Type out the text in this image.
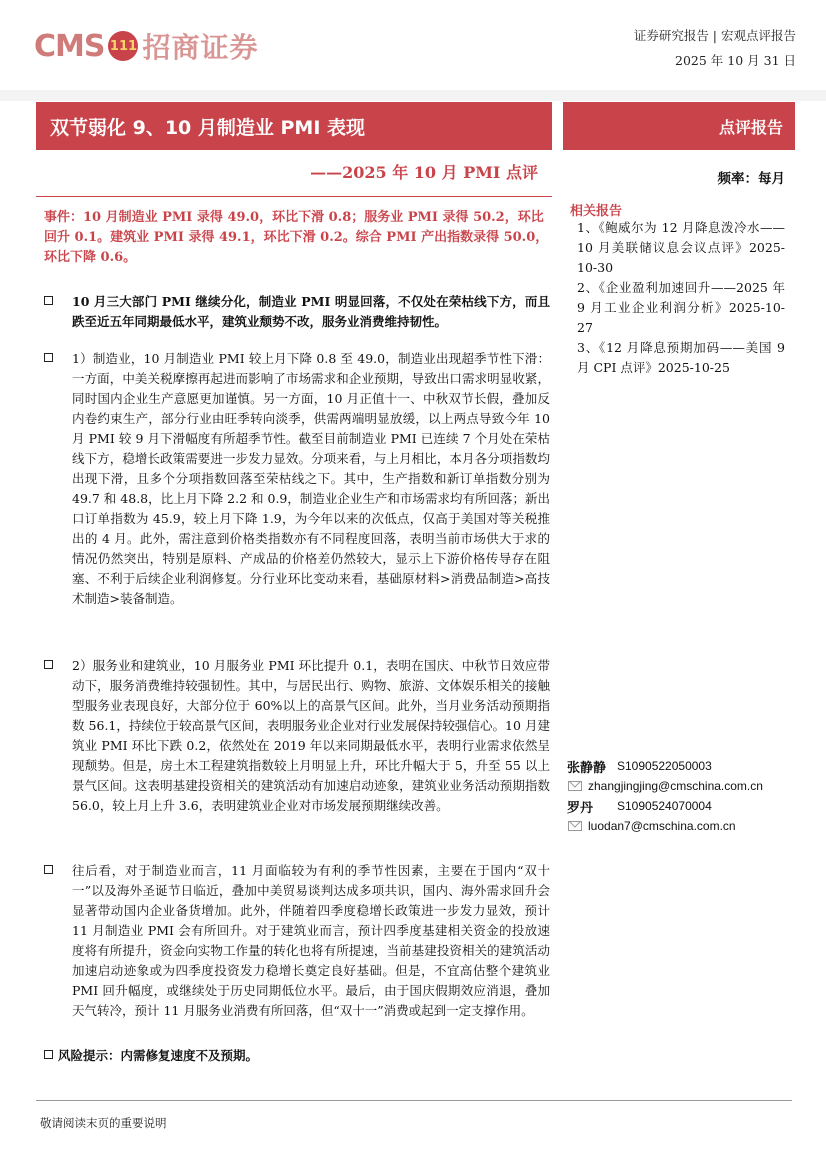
CMS 111 招商证券	证券研究报告 | 宏观点评报告
2025 年 10 月 31 日
双节弱化 9、10 月制造业 PMI 表现
——2025 年 10 月 PMI 点评
点评报告
频率：每月
事件：10 月制造业 PMI 录得 49.0，环比下滑 0.8；服务业 PMI 录得 50.2，环比回升 0.1。建筑业 PMI 录得 49.1，环比下滑 0.2。综合 PMI 产出指数录得 50.0，环比下降 0.6。
10 月三大部门 PMI 继续分化，制造业 PMI 明显回落，不仅处在荣枯线下方，而且跌至近五年同期最低水平，建筑业颓势不改，服务业消费维持韧性。
1）制造业，10 月制造业 PMI 较上月下降 0.8 至 49.0，制造业出现超季节性下滑：一方面，中美关税摩擦再起进而影响了市场需求和企业预期，导致出口需求明显收紧，同时国内企业生产意愿更加谨慎。另一方面，10 月正值十一、中秋双节长假，叠加反内卷约束生产，部分行业由旺季转向淡季，供需两端明显放缓，以上两点导致今年 10 月 PMI 较 9 月下滑幅度有所超季节性。截至目前制造业 PMI 已连续 7 个月处在荣枯线下方，稳增长政策需要进一步发力显效。分项来看，与上月相比，本月各分项指数均出现下滑，且多个分项指数回落至荣枯线之下。其中，生产指数和新订单指数分别为 49.7 和 48.8，比上月下降 2.2 和 0.9，制造业企业生产和市场需求均有所回落；新出口订单指数为 45.9，较上月下降 1.9，为今年以来的次低点，仅高于美国对等关税推出的 4 月。此外，需注意到价格类指数亦有不同程度回落，表明当前市场供大于求的情况仍然突出，特别是原料、产成品的价格差仍然较大，显示上下游价格传导存在阻塞、不利于后续企业利润修复。分行业环比变动来看，基础原材料>消费品制造>高技术制造>装备制造。
2）服务业和建筑业，10 月服务业 PMI 环比提升 0.1，表明在国庆、中秋节日效应带动下，服务消费维持较强韧性。其中，与居民出行、购物、旅游、文体娱乐相关的接触型服务业表现良好，大部分位于 60%以上的高景气区间。此外，当月业务活动预期指数 56.1，持续位于较高景气区间，表明服务业企业对行业发展保持较强信心。10 月建筑业 PMI 环比下跌 0.2，依然处在 2019 年以来同期最低水平，表明行业需求依然呈现颓势。但是，房土木工程建筑指数较上月明显上升，环比升幅大于 5，升至 55 以上景气区间。这表明基建投资相关的建筑活动有加速启动迹象，建筑业业务活动预期指数 56.0，较上月上升 3.6，表明建筑业企业对市场发展预期继续改善。
往后看，对于制造业而言，11 月面临较为有利的季节性因素，主要在于国内“双十一”以及海外圣诞节日临近，叠加中美贸易谈判达成多项共识，国内、海外需求回升会显著带动国内企业备货增加。此外，伴随着四季度稳增长政策进一步发力显效，预计 11 月制造业 PMI 会有所回升。对于建筑业而言，预计四季度基建相关资金的投放速度将有所提升，资金向实物工作量的转化也将有所提速，当前基建投资相关的建筑活动加速启动迹象或为四季度投资发力稳增长奠定良好基础。但是，不宜高估整个建筑业 PMI 回升幅度，或继续处于历史同期低位水平。最后，由于国庆假期效应消退，叠加天气转冷，预计 11 月服务业消费有所回落，但“双十一”消费或起到一定支撑作用。
风险提示：内需修复速度不及预期。
相关报告

1、《鲍威尔为 12 月降息泼冷水——10 月美联储议息会议点评》2025-10-30

2、《企业盈利加速回升——2025 年 9 月工业企业利润分析》2025-10-27

3、《12 月降息预期加码——美国 9 月 CPI 点评》2025-10-25

张静静 S1090522050003
zhangjingjing@cmschina.com.cn
罗丹	S1090524070004
luodan7@cmschina.com.cn
敬请阅读末页的重要说明
